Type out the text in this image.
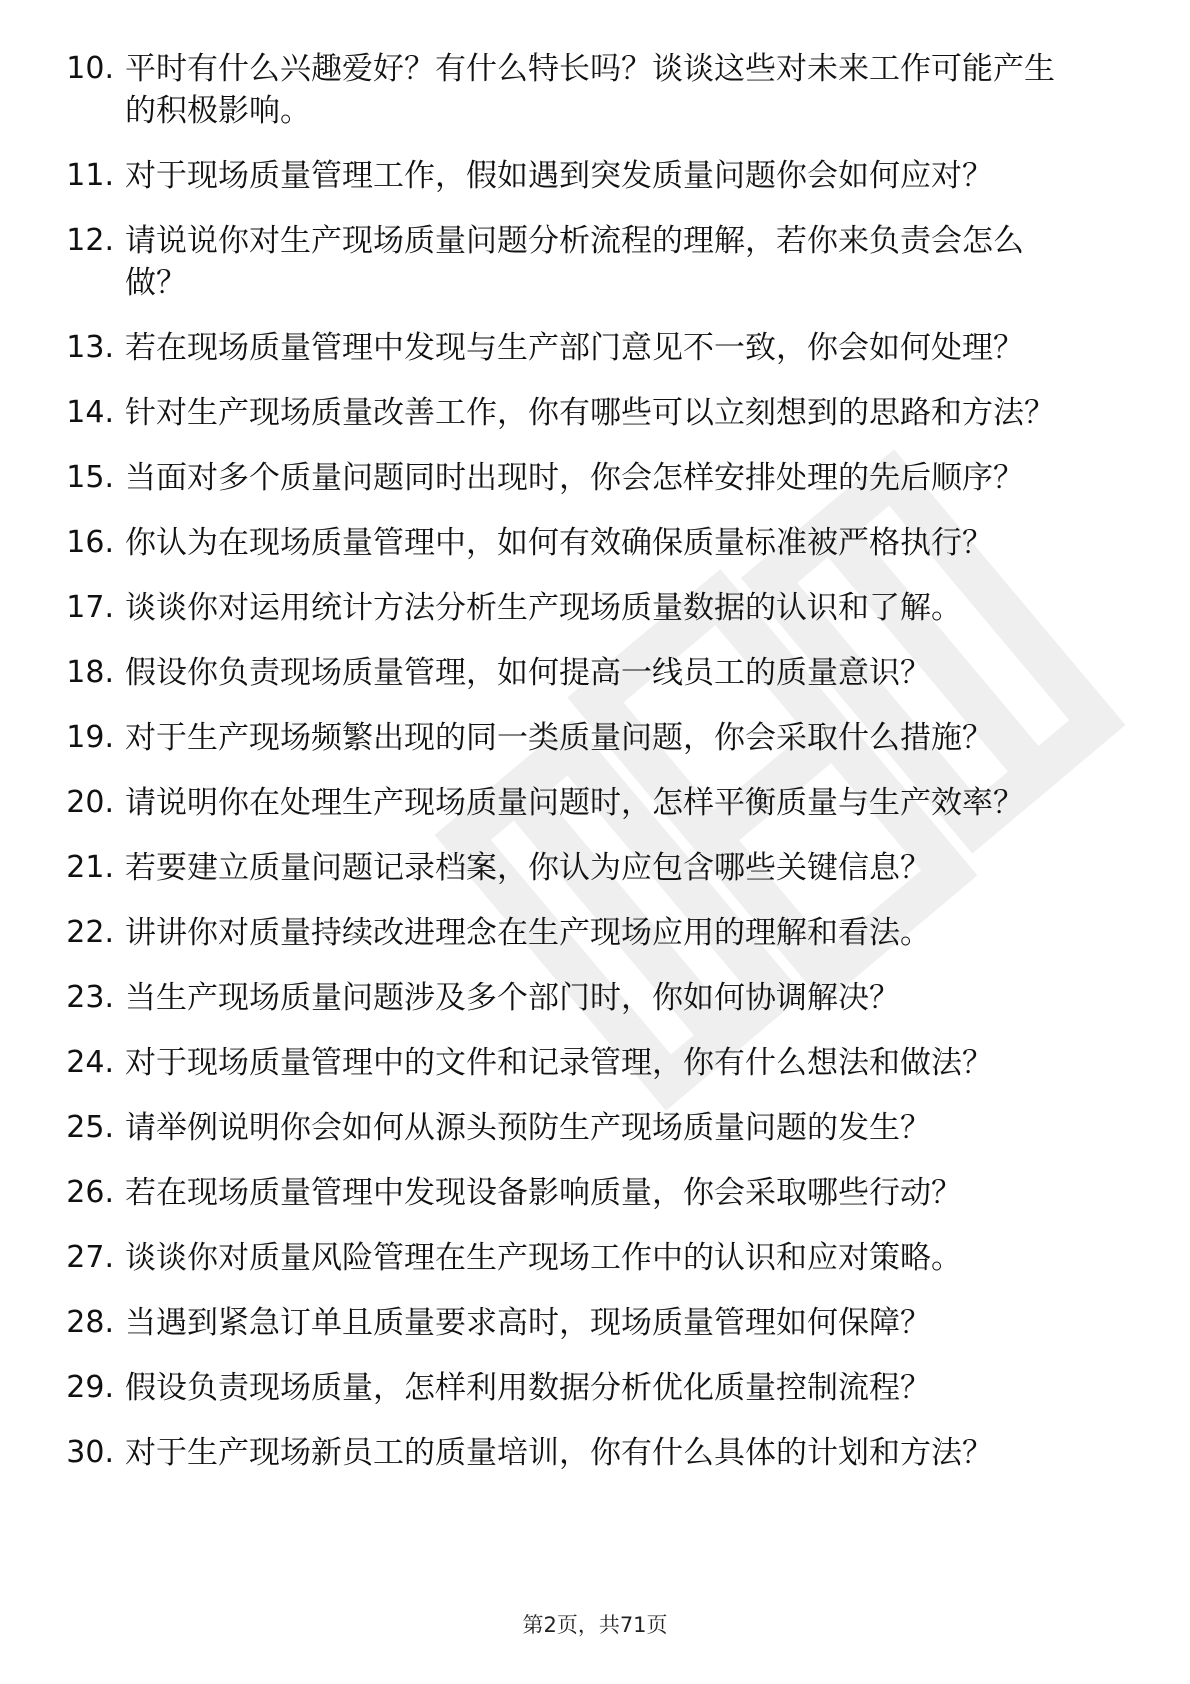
10. 平时有什么兴趣爱好？有什么特长吗？谈谈这些对未来工作可能产生的积极影响。
11. 对于现场质量管理工作，假如遇到突发质量问题你会如何应对？
12. 请说说你对生产现场质量问题分析流程的理解，若你来负责会怎么做？
13. 若在现场质量管理中发现与生产部门意见不一致，你会如何处理？
14. 针对生产现场质量改善工作，你有哪些可以立刻想到的思路和方法？
15. 当面对多个质量问题同时出现时，你会怎样安排处理的先后顺序？
16. 你认为在现场质量管理中，如何有效确保质量标准被严格执行？
17. 谈谈你对运用统计方法分析生产现场质量数据的认识和了解。
18. 假设你负责现场质量管理，如何提高一线员工的质量意识？
19. 对于生产现场频繁出现的同一类质量问题，你会采取什么措施？
20. 请说明你在处理生产现场质量问题时，怎样平衡质量与生产效率？
21. 若要建立质量问题记录档案，你认为应包含哪些关键信息？
22. 讲讲你对质量持续改进理念在生产现场应用的理解和看法。
23. 当生产现场质量问题涉及多个部门时，你如何协调解决？
24. 对于现场质量管理中的文件和记录管理，你有什么想法和做法？
25. 请举例说明你会如何从源头预防生产现场质量问题的发生？
26. 若在现场质量管理中发现设备影响质量，你会采取哪些行动？
27. 谈谈你对质量风险管理在生产现场工作中的认识和应对策略。
28. 当遇到紧急订单且质量要求高时，现场质量管理如何保障？
29. 假设负责现场质量，怎样利用数据分析优化质量控制流程？
30. 对于生产现场新员工的质量培训，你有什么具体的计划和方法？
第2页，共71页
